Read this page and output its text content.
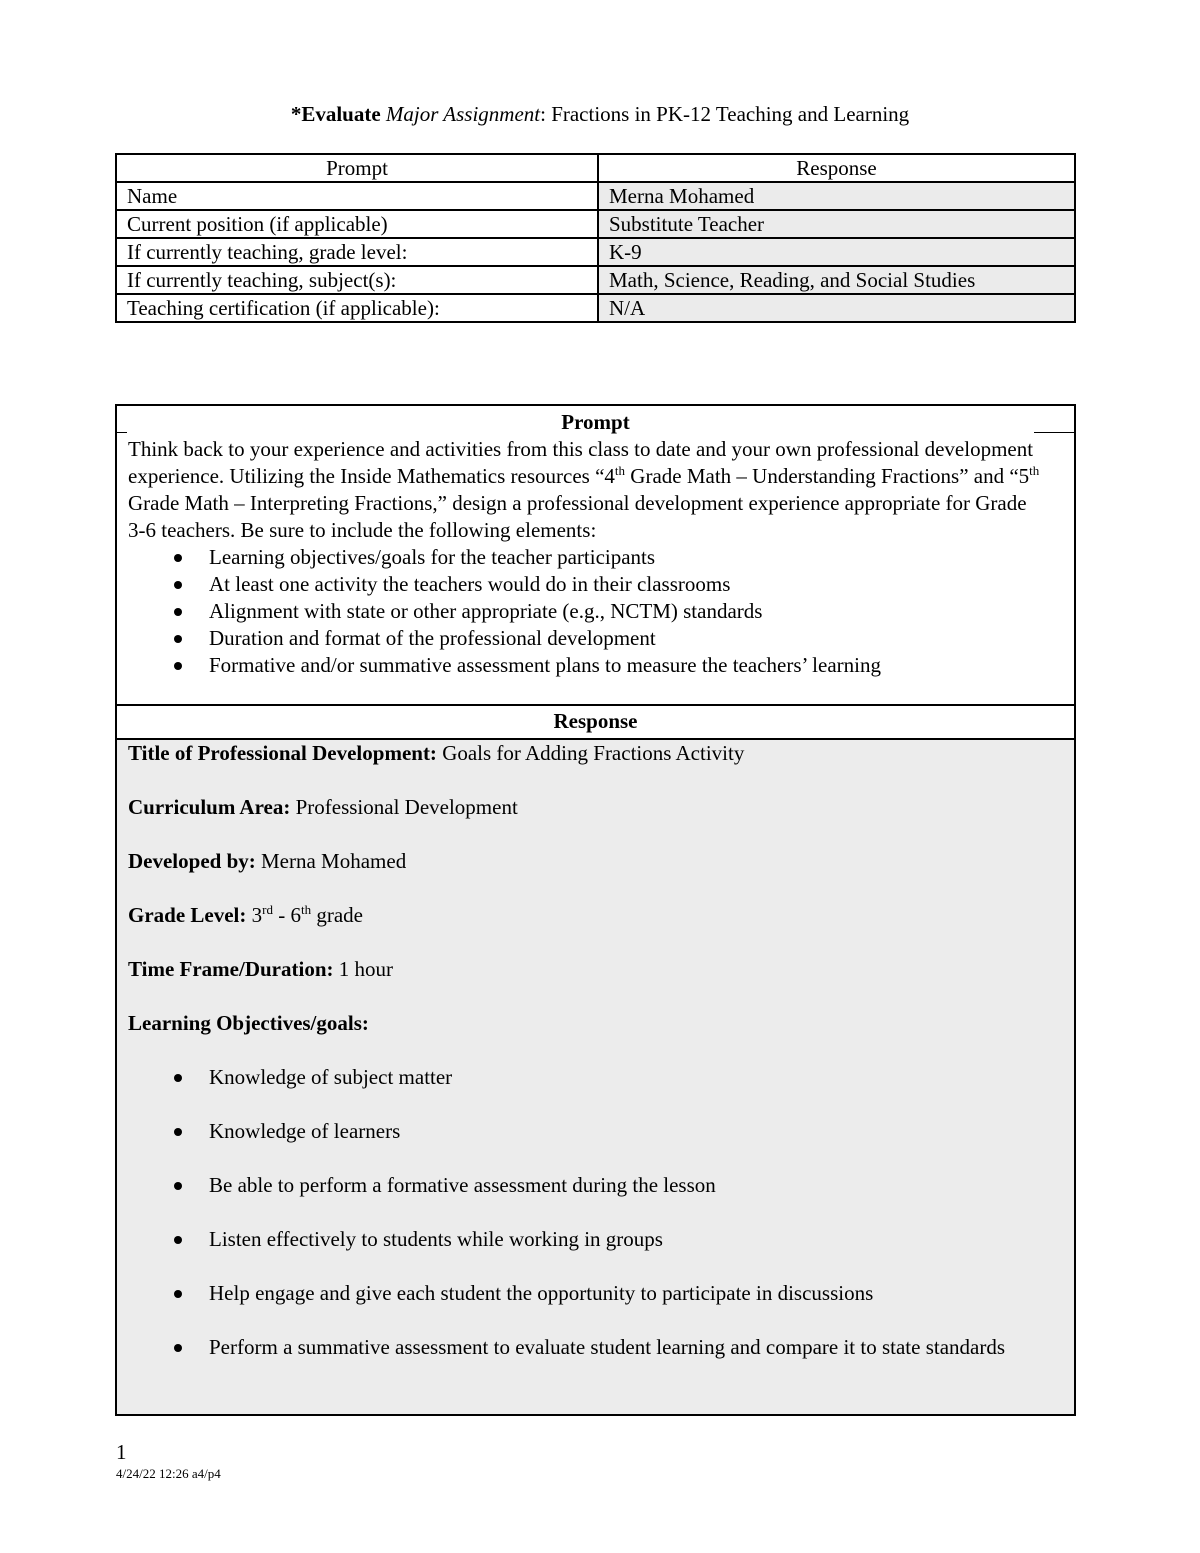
*Evaluate Major Assignment: Fractions in PK-12 Teaching and Learning
Prompt	Response
Name	Merna Mohamed
Current position (if applicable)	Substitute Teacher
If currently teaching, grade level:	K-9
If currently teaching, subject(s):	Math, Science, Reading, and Social Studies
Teaching certification (if applicable):	N/A
Prompt
Think back to your experience and activities from this class to date and your own professional development experience. Utilizing the Inside Mathematics resources “4th Grade Math – Understanding Fractions” and “5th Grade Math – Interpreting Fractions,” design a professional development experience appropriate for Grade 3-6 teachers. Be sure to include the following elements:
Learning objectives/goals for the teacher participants
At least one activity the teachers would do in their classrooms
Alignment with state or other appropriate (e.g., NCTM) standards
Duration and format of the professional development
Formative and/or summative assessment plans to measure the teachers’ learning
Response

Title of Professional Development: Goals for Adding Fractions Activity

Curriculum Area: Professional Development

Developed by: Merna Mohamed

Grade Level: 3rd - 6th grade

Time Frame/Duration: 1 hour

Learning Objectives/goals:

Knowledge of subject matter
Knowledge of learners
Be able to perform a formative assessment during the lesson
Listen effectively to students while working in groups
Help engage and give each student the opportunity to participate in discussions
Perform a summative assessment to evaluate student learning and compare it to state standards
1
4/24/22 12:26 a4/p4
